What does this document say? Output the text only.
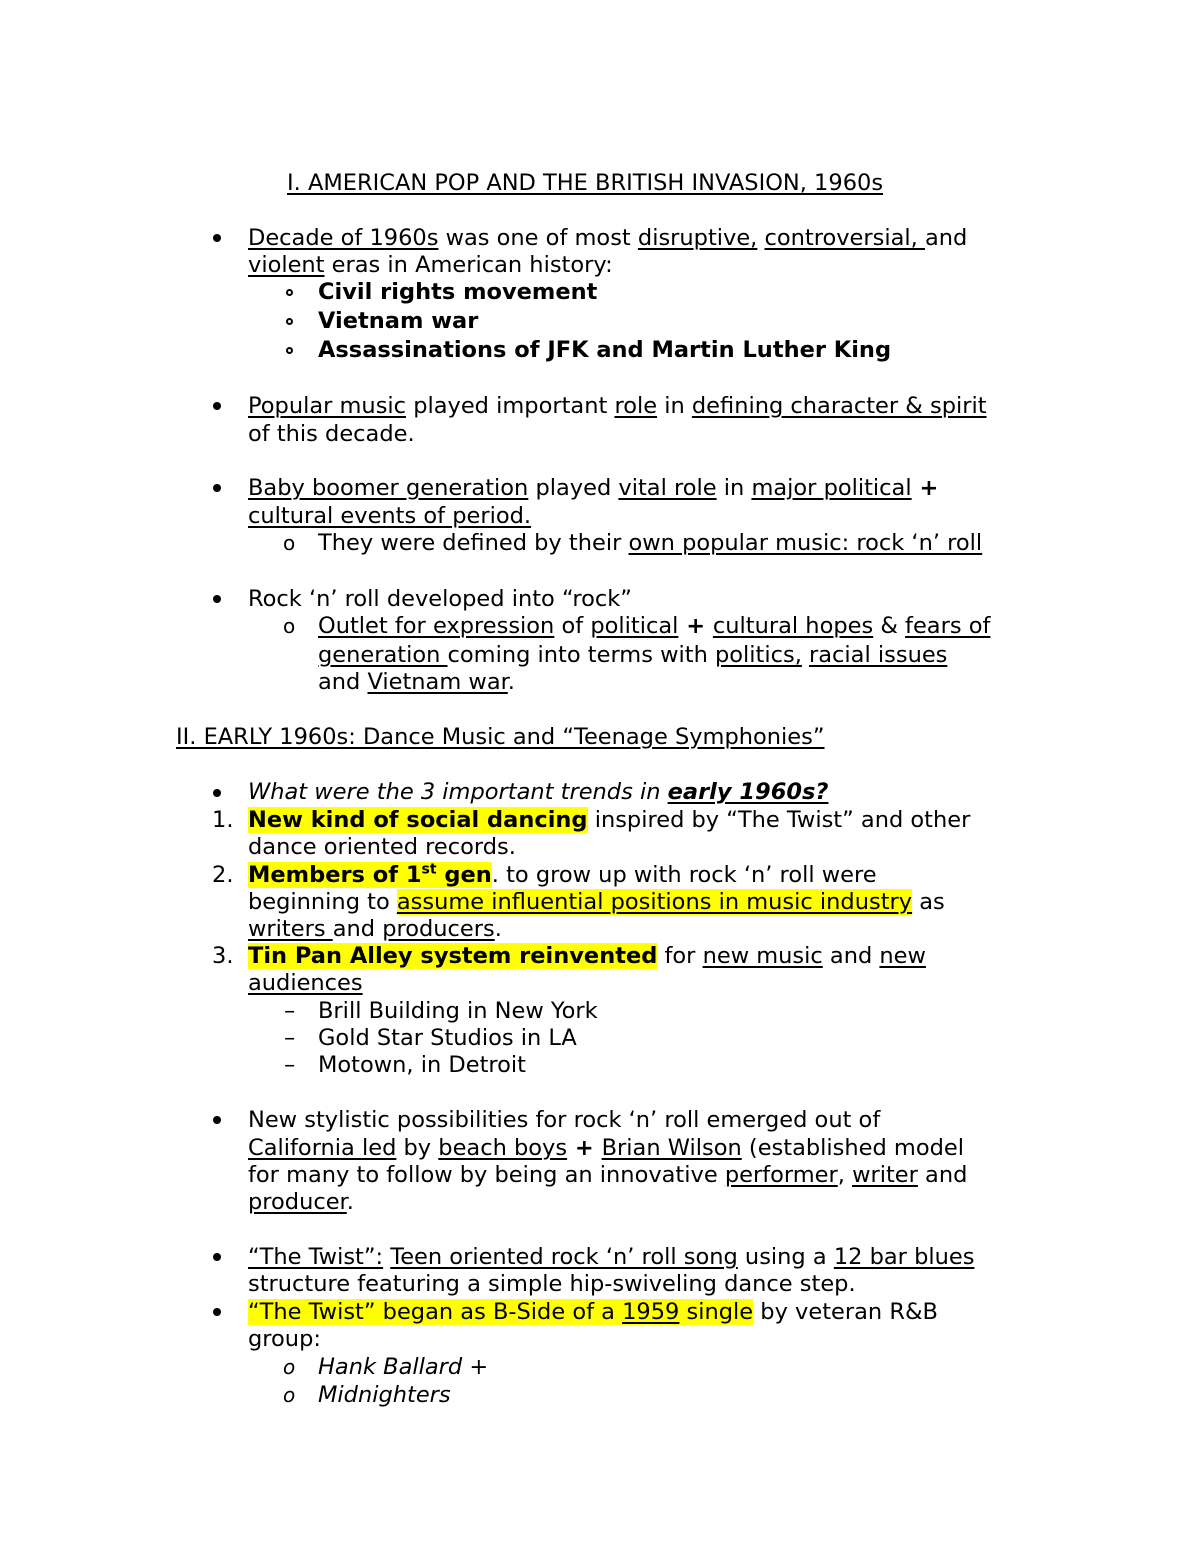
I. AMERICAN POP AND THE BRITISH INVASION, 1960s
Decade of 1960s was one of most disruptive, controversial, and
violent eras in American history:
Civil rights movement
Vietnam war
Assassinations of JFK and Martin Luther King
Popular music played important role in defining character & spirit
of this decade.
Baby boomer generation played vital role in major political +
cultural events of period.
o They were defined by their own popular music: rock ‘n’ roll
Rock ‘n’ roll developed into “rock”
o Outlet for expression of political + cultural hopes & fears of
generation coming into terms with politics, racial issues
and Vietnam war.
II. EARLY 1960s: Dance Music and “Teenage Symphonies”
What were the 3 important trends in early 1960s?
1. New kind of social dancing inspired by “The Twist” and other
dance oriented records.
2. Members of 1st gen. to grow up with rock ‘n’ roll were
beginning to assume influential positions in music industry as
writers and producers.
3. Tin Pan Alley system reinvented for new music and new
audiences
– Brill Building in New York
– Gold Star Studios in LA
– Motown, in Detroit
New stylistic possibilities for rock ‘n’ roll emerged out of
California led by beach boys + Brian Wilson (established model
for many to follow by being an innovative performer, writer and
producer.
“The Twist”: Teen oriented rock ‘n’ roll song using a 12 bar blues
structure featuring a simple hip-swiveling dance step.
“The Twist” began as B-Side of a 1959 single by veteran R&B
group:
o Hank Ballard +
o Midnighters
